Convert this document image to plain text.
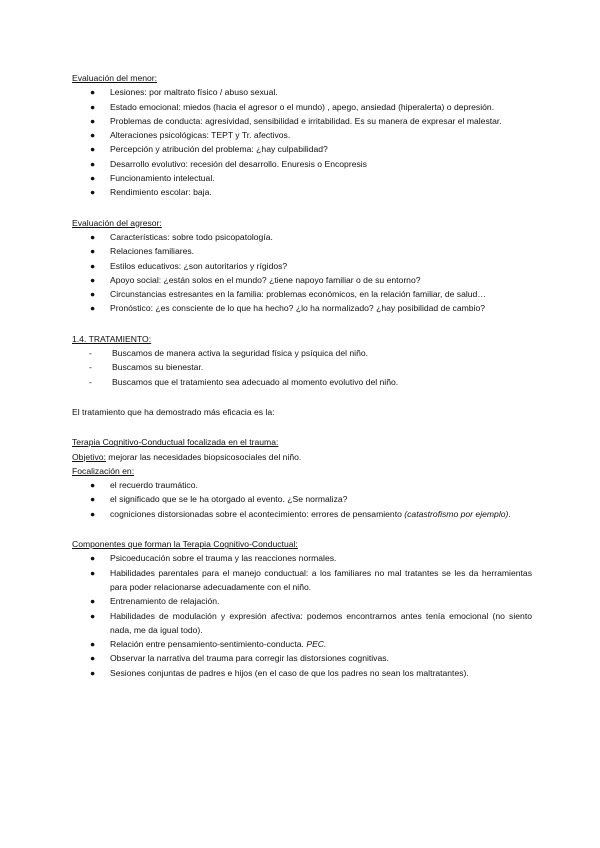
Evaluación del menor:

● Lesiones: por maltrato físico / abuso sexual.
● Estado emocional: miedos (hacia el agresor o el mundo) , apego, ansiedad (hiperalerta) o depresión.
● Problemas de conducta: agresividad, sensibilidad e irritabilidad. Es su manera de expresar el malestar.
● Alteraciones psicológicas: TEPT y Tr. afectivos.
● Percepción y atribución del problema: ¿hay culpabilidad?
● Desarrollo evolutivo: recesión del desarrollo. Enuresis o Encopresis
● Funcionamiento intelectual.
● Rendimiento escolar: baja.

Evaluación del agresor:

● Características: sobre todo psicopatología.
● Relaciones familiares.
● Estilos educativos: ¿son autoritarios y rígidos?
● Apoyo social: ¿están solos en el mundo? ¿tiene napoyo familiar o de su entorno?
● Circunstancias estresantes en la familia: problemas económicos, en la relación familiar, de salud…
● Pronóstico: ¿es consciente de lo que ha hecho? ¿lo ha normalizado? ¿hay posibilidad de cambio?

1.4. TRATAMIENTO:

- Buscamos de manera activa la seguridad física y psíquica del niño.
- Buscamos su bienestar.
- Buscamos que el tratamiento sea adecuado al momento evolutivo del niño.

El tratamiento que ha demostrado más eficacia es la:

Terapia Cognitivo-Conductual focalizada en el trauma:

Objetivo: mejorar las necesidades biopsicosociales del niño.

Focalización en:

● el recuerdo traumático.
● el significado que se le ha otorgado al evento. ¿Se normaliza?
● cogniciones distorsionadas sobre el acontecimiento: errores de pensamiento (catastrofismo por ejemplo).

Componentes que forman la Terapia Cognitivo-Conductual:

● Psicoeducación sobre el trauma y las reacciones normales.
● Habilidades parentales para el manejo conductual: a los familiares no mal tratantes se les da herramientas para poder relacionarse adecuadamente con el niño.
● Entrenamiento de relajación.
● Habilidades de modulación y expresión afectiva: podemos encontrarnos antes tenía emocional (no siento nada, me da igual todo).
● Relación entre pensamiento-sentimiento-conducta. PEC.
● Observar la narrativa del trauma para corregir las distorsiones cognitivas.
● Sesiones conjuntas de padres e hijos (en el caso de que los padres no sean los maltratantes).
